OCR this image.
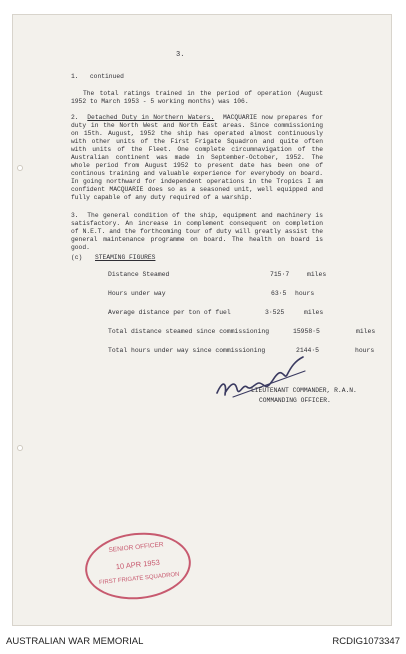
3.
1.   continued
The total ratings trained in the period of operation (August 1952 to March 1953 - 5 working months) was 106.
2. Detached Duty in Northern Waters. MACQUARIE now prepares for duty in the North West and North East areas. Since commissioning on 15th. August, 1952 the ship has operated almost continuously with other units of the First Frigate Squadron and quite often with units of the Fleet. One complete circumnavigation of the Australian continent was made in September-October, 1952. The whole period from August 1952 to present date has been one of continous training and valuable experience for everybody on board. In going northward for independent operations in the Tropics I am confident MACQUARIE does so as a seasoned unit, well equipped and fully capable of any duty required of a warship.
3. The general condition of the ship, equipment and machinery is satisfactory. An increase in complement consequent on completion of N.E.T. and the forthcoming tour of duty will greatly assist the general maintenance programme on board. The health on board is good.
(c) STEAMING FIGURES
Distance Steamed	715·7	miles
Hours under way	63·5 hours
Average distance per ton of fuel	3·525	miles
Total distance steamed since commissioning	15958·5	miles
Total hours under way since commissioning	2144·5	hours
LIEUTENANT COMMANDER, R.A.N.
COMMANDING OFFICER.
SENIOR OFFICER
10 APR 1953
FIRST FRIGATE SQUADRON
AUSTRALIAN WAR MEMORIAL	RCDIG1073347
